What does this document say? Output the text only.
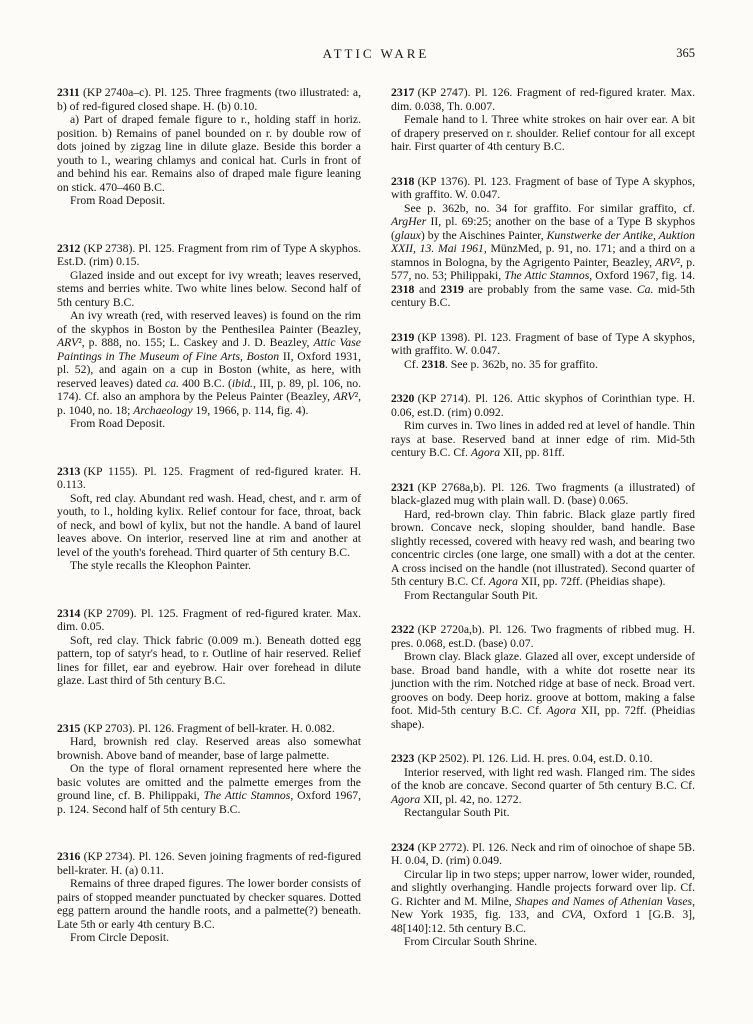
ATTIC WARE	365

2311 (KP 2740a–c). Pl. 125. Three fragments (two illustrated: a, b) of red-figured closed shape. H. (b) 0.10.

a) Part of draped female figure to r., holding staff in horiz. position. b) Remains of panel bounded on r. by double row of dots joined by zigzag line in dilute glaze. Beside this border a youth to l., wearing chlamys and conical hat. Curls in front of and behind his ear. Remains also of draped male figure leaning on stick. 470–460 B.C.

From Road Deposit.

2312 (KP 2738). Pl. 125. Fragment from rim of Type A skyphos. Est.D. (rim) 0.15.

Glazed inside and out except for ivy wreath; leaves reserved, stems and berries white. Two white lines below. Second half of 5th century B.C.

An ivy wreath (red, with reserved leaves) is found on the rim of the skyphos in Boston by the Penthesilea Painter (Beazley, ARV², p. 888, no. 155; L. Caskey and J. D. Beazley, Attic Vase Paintings in The Museum of Fine Arts, Boston II, Oxford 1931, pl. 52), and again on a cup in Boston (white, as here, with reserved leaves) dated ca. 400 B.C. (ibid., III, p. 89, pl. 106, no. 174). Cf. also an amphora by the Peleus Painter (Beazley, ARV², p. 1040, no. 18; Archaeology 19, 1966, p. 114, fig. 4).

From Road Deposit.

2313 (KP 1155). Pl. 125. Fragment of red-figured krater. H. 0.113.

Soft, red clay. Abundant red wash. Head, chest, and r. arm of youth, to l., holding kylix. Relief contour for face, throat, back of neck, and bowl of kylix, but not the handle. A band of laurel leaves above. On interior, reserved line at rim and another at level of the youth's forehead. Third quarter of 5th century B.C.

The style recalls the Kleophon Painter.

2314 (KP 2709). Pl. 125. Fragment of red-figured krater. Max. dim. 0.05.

Soft, red clay. Thick fabric (0.009 m.). Beneath dotted egg pattern, top of satyr's head, to r. Outline of hair reserved. Relief lines for fillet, ear and eyebrow. Hair over forehead in dilute glaze. Last third of 5th century B.C.

2315 (KP 2703). Pl. 126. Fragment of bell-krater. H. 0.082.

Hard, brownish red clay. Reserved areas also somewhat brownish. Above band of meander, base of large palmette.

On the type of floral ornament represented here where the basic volutes are omitted and the palmette emerges from the ground line, cf. B. Philippaki, The Attic Stamnos, Oxford 1967, p. 124. Second half of 5th century B.C.

2316 (KP 2734). Pl. 126. Seven joining fragments of red-figured bell-krater. H. (a) 0.11.

Remains of three draped figures. The lower border consists of pairs of stopped meander punctuated by checker squares. Dotted egg pattern around the handle roots, and a palmette(?) beneath. Late 5th or early 4th century B.C.

From Circle Deposit.

2317 (KP 2747). Pl. 126. Fragment of red-figured krater. Max. dim. 0.038, Th. 0.007.

Female hand to l. Three white strokes on hair over ear. A bit of drapery preserved on r. shoulder. Relief contour for all except hair. First quarter of 4th century B.C.

2318 (KP 1376). Pl. 123. Fragment of base of Type A skyphos, with graffito. W. 0.047.

See p. 362b, no. 34 for graffito. For similar graffito, cf. ArgHer II, pl. 69:25; another on the base of a Type B skyphos (glaux) by the Aischines Painter, Kunstwerke der Antike, Auktion XXII, 13. Mai 1961, MünzMed, p. 91, no. 171; and a third on a stamnos in Bologna, by the Agrigento Painter, Beazley, ARV², p. 577, no. 53; Philippaki, The Attic Stamnos, Oxford 1967, fig. 14. 2318 and 2319 are probably from the same vase. Ca. mid-5th century B.C.

2319 (KP 1398). Pl. 123. Fragment of base of Type A skyphos, with graffito. W. 0.047.

Cf. 2318. See p. 362b, no. 35 for graffito.

2320 (KP 2714). Pl. 126. Attic skyphos of Corinthian type. H. 0.06, est.D. (rim) 0.092.

Rim curves in. Two lines in added red at level of handle. Thin rays at base. Reserved band at inner edge of rim. Mid-5th century B.C. Cf. Agora XII, pp. 81ff.

2321 (KP 2768a,b). Pl. 126. Two fragments (a illustrated) of black-glazed mug with plain wall. D. (base) 0.065.

Hard, red-brown clay. Thin fabric. Black glaze partly fired brown. Concave neck, sloping shoulder, band handle. Base slightly recessed, covered with heavy red wash, and bearing two concentric circles (one large, one small) with a dot at the center. A cross incised on the handle (not illustrated). Second quarter of 5th century B.C. Cf. Agora XII, pp. 72ff. (Pheidias shape).

From Rectangular South Pit.

2322 (KP 2720a,b). Pl. 126. Two fragments of ribbed mug. H. pres. 0.068, est.D. (base) 0.07.

Brown clay. Black glaze. Glazed all over, except underside of base. Broad band handle, with a white dot rosette near its junction with the rim. Notched ridge at base of neck. Broad vert. grooves on body. Deep horiz. groove at bottom, making a false foot. Mid-5th century B.C. Cf. Agora XII, pp. 72ff. (Pheidias shape).

2323 (KP 2502). Pl. 126. Lid. H. pres. 0.04, est.D. 0.10.

Interior reserved, with light red wash. Flanged rim. The sides of the knob are concave. Second quarter of 5th century B.C. Cf. Agora XII, pl. 42, no. 1272.

Rectangular South Pit.

2324 (KP 2772). Pl. 126. Neck and rim of oinochoe of shape 5B. H. 0.04, D. (rim) 0.049.

Circular lip in two steps; upper narrow, lower wider, rounded, and slightly overhanging. Handle projects forward over lip. Cf. G. Richter and M. Milne, Shapes and Names of Athenian Vases, New York 1935, fig. 133, and CVA, Oxford 1 [G.B. 3], 48[140]:12. 5th century B.C.

From Circular South Shrine.
